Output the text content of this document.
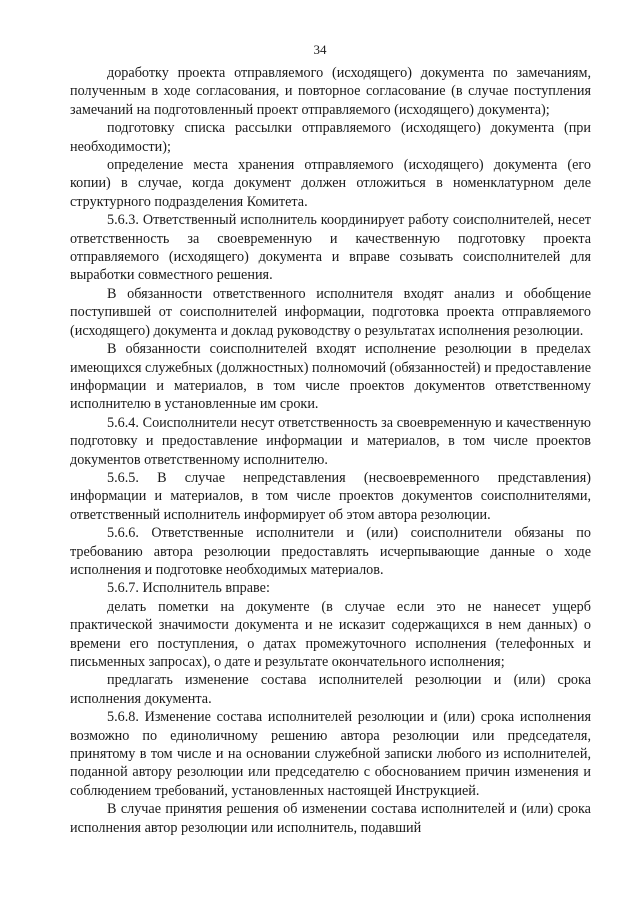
34

доработку проекта отправляемого (исходящего) документа по замечаниям, полученным в ходе согласования, и повторное согласование (в случае поступления замечаний на подготовленный проект отправляемого (исходящего) документа);

подготовку списка рассылки отправляемого (исходящего) документа (при необходимости);

определение места хранения отправляемого (исходящего) документа (его копии) в случае, когда документ должен отложиться в номенклатурном деле структурного подразделения Комитета.

5.6.3. Ответственный исполнитель координирует работу соисполнителей, несет ответственность за своевременную и качественную подготовку проекта отправляемого (исходящего) документа и вправе созывать соисполнителей для выработки совместного решения.

В обязанности ответственного исполнителя входят анализ и обобщение поступившей от соисполнителей информации, подготовка проекта отправляемого (исходящего) документа и доклад руководству о результатах исполнения резолюции.

В обязанности соисполнителей входят исполнение резолюции в пределах имеющихся служебных (должностных) полномочий (обязанностей) и предоставление информации и материалов, в том числе проектов документов ответственному исполнителю в установленные им сроки.

5.6.4. Соисполнители несут ответственность за своевременную и качественную подготовку и предоставление информации и материалов, в том числе проектов документов ответственному исполнителю.

5.6.5. В случае непредставления (несвоевременного представления) информации и материалов, в том числе проектов документов соисполнителями, ответственный исполнитель информирует об этом автора резолюции.

5.6.6. Ответственные исполнители и (или) соисполнители обязаны по требованию автора резолюции предоставлять исчерпывающие данные о ходе исполнения и подготовке необходимых материалов.

5.6.7. Исполнитель вправе:

делать пометки на документе (в случае если это не нанесет ущерб практической значимости документа и не исказит содержащихся в нем данных) о времени его поступления, о датах промежуточного исполнения (телефонных и письменных запросах), о дате и результате окончательного исполнения;

предлагать изменение состава исполнителей резолюции и (или) срока исполнения документа.

5.6.8. Изменение состава исполнителей резолюции и (или) срока исполнения возможно по единоличному решению автора резолюции или председателя, принятому в том числе и на основании служебной записки любого из исполнителей, поданной автору резолюции или председателю с обоснованием причин изменения и соблюдением требований, установленных настоящей Инструкцией.

В случае принятия решения об изменении состава исполнителей и (или) срока исполнения автор резолюции или исполнитель, подавший
